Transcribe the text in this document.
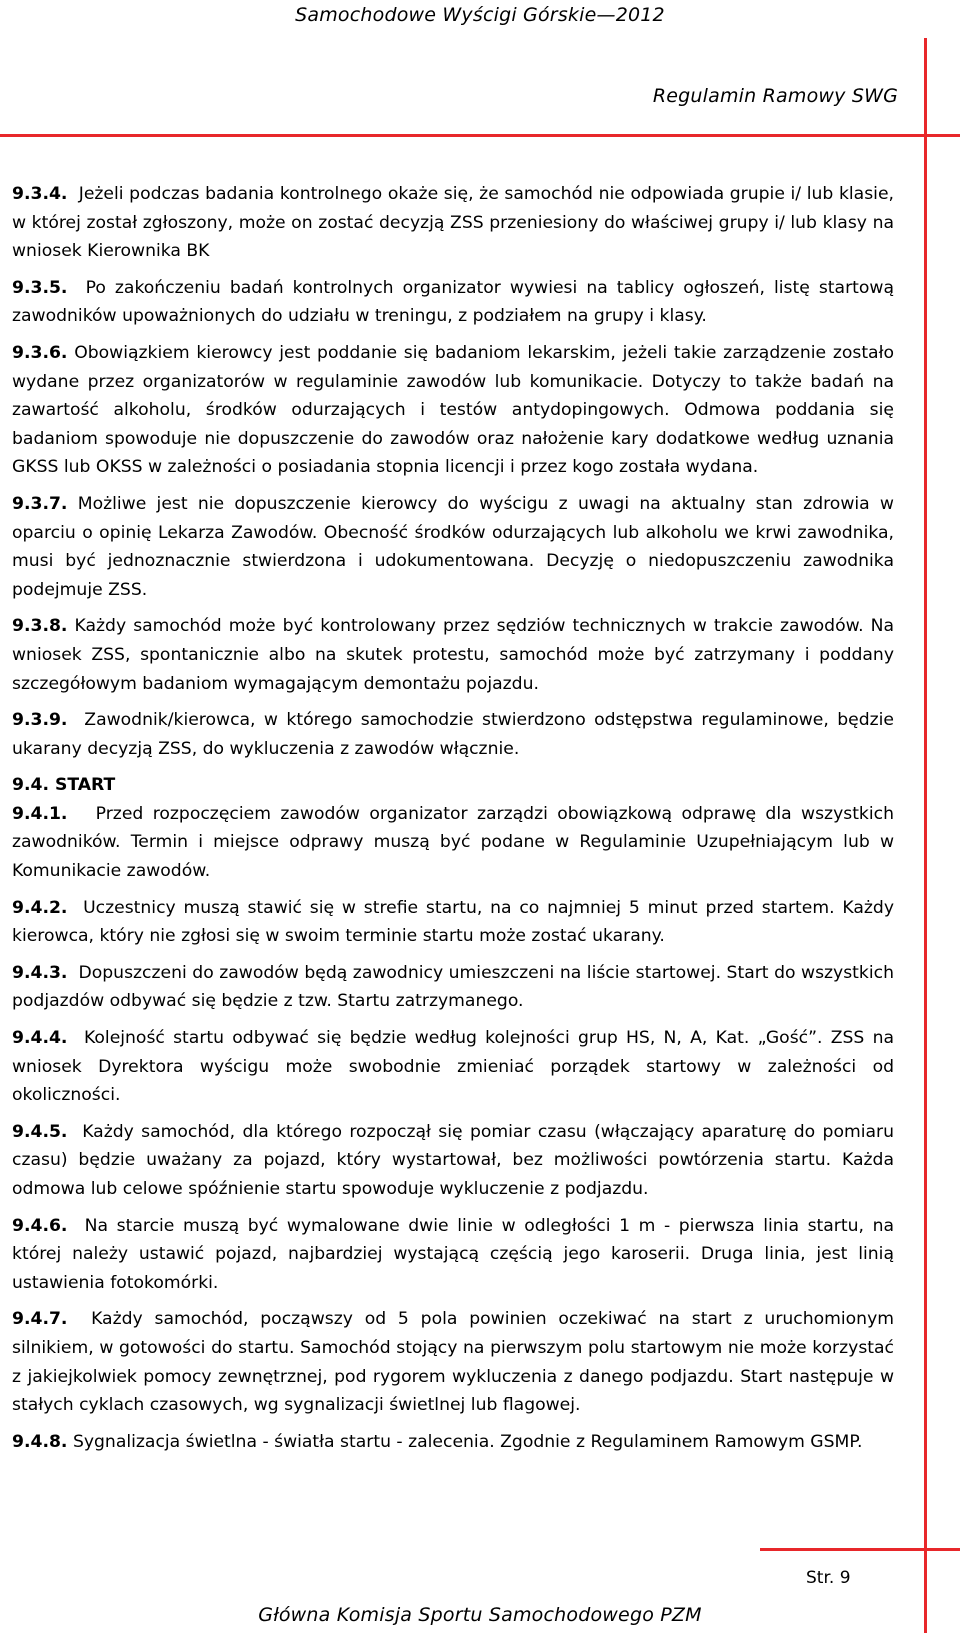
Samochodowe Wyścigi Górskie—2012
Regulamin Ramowy SWG

9.3.4. Jeżeli podczas badania kontrolnego okaże się, że samochód nie odpowiada grupie i/ lub klasie, w której został zgłoszony, może on zostać decyzją ZSS przeniesiony do właściwej grupy i/ lub klasy na wniosek Kierownika BK

9.3.5. Po zakończeniu badań kontrolnych organizator wywiesi na tablicy ogłoszeń, listę startową zawodników upoważnionych do udziału w treningu, z podziałem na grupy i klasy.

9.3.6. Obowiązkiem kierowcy jest poddanie się badaniom lekarskim, jeżeli takie zarządzenie zostało wydane przez organizatorów w regulaminie zawodów lub komunikacie. Dotyczy to także badań na zawartość alkoholu, środków odurzających i testów antydopingowych. Odmowa poddania się badaniom spowoduje nie dopuszczenie do zawodów oraz nałożenie kary dodatkowe według uznania GKSS lub OKSS w zależności o posiadania stopnia licencji i przez kogo została wydana.

9.3.7. Możliwe jest nie dopuszczenie kierowcy do wyścigu z uwagi na aktualny stan zdrowia w oparciu o opinię Lekarza Zawodów. Obecność środków odurzających lub alkoholu we krwi zawodnika, musi być jednoznacznie stwierdzona i udokumentowana. Decyzję o niedopuszczeniu zawodnika podejmuje ZSS.

9.3.8. Każdy samochód może być kontrolowany przez sędziów technicznych w trakcie zawodów. Na wniosek ZSS, spontanicznie albo na skutek protestu, samochód może być zatrzymany i poddany szczegółowym badaniom wymagającym demontażu pojazdu.

9.3.9. Zawodnik/kierowca, w którego samochodzie stwierdzono odstępstwa regulaminowe, będzie ukarany decyzją ZSS, do wykluczenia z zawodów włącznie.

9.4. START

9.4.1. Przed rozpoczęciem zawodów organizator zarządzi obowiązkową odprawę dla wszystkich zawodników. Termin i miejsce odprawy muszą być podane w Regulaminie Uzupełniającym lub w Komunikacie zawodów.

9.4.2. Uczestnicy muszą stawić się w strefie startu, na co najmniej 5 minut przed startem. Każdy kierowca, który nie zgłosi się w swoim terminie startu może zostać ukarany.

9.4.3. Dopuszczeni do zawodów będą zawodnicy umieszczeni na liście startowej. Start do wszystkich podjazdów odbywać się będzie z tzw. Startu zatrzymanego.

9.4.4. Kolejność startu odbywać się będzie według kolejności grup HS, N, A, Kat. „Gość”. ZSS na wniosek Dyrektora wyścigu może swobodnie zmieniać porządek startowy w zależności od okoliczności.

9.4.5. Każdy samochód, dla którego rozpoczął się pomiar czasu (włączający aparaturę do pomiaru czasu) będzie uważany za pojazd, który wystartował, bez możliwości powtórzenia startu. Każda odmowa lub celowe spóźnienie startu spowoduje wykluczenie z podjazdu.

9.4.6. Na starcie muszą być wymalowane dwie linie w odległości 1 m - pierwsza linia startu, na której należy ustawić pojazd, najbardziej wystającą częścią jego karoserii. Druga linia, jest linią ustawienia fotokomórki.

9.4.7. Każdy samochód, począwszy od 5 pola powinien oczekiwać na start z uruchomionym silnikiem, w gotowości do startu. Samochód stojący na pierwszym polu startowym nie może korzystać z jakiejkolwiek pomocy zewnętrznej, pod rygorem wykluczenia z danego podjazdu. Start następuje w stałych cyklach czasowych, wg sygnalizacji świetlnej lub flagowej.

9.4.8. Sygnalizacja świetlna - światła startu - zalecenia. Zgodnie z Regulaminem Ramowym GSMP.

Str. 9
Główna Komisja Sportu Samochodowego PZM
